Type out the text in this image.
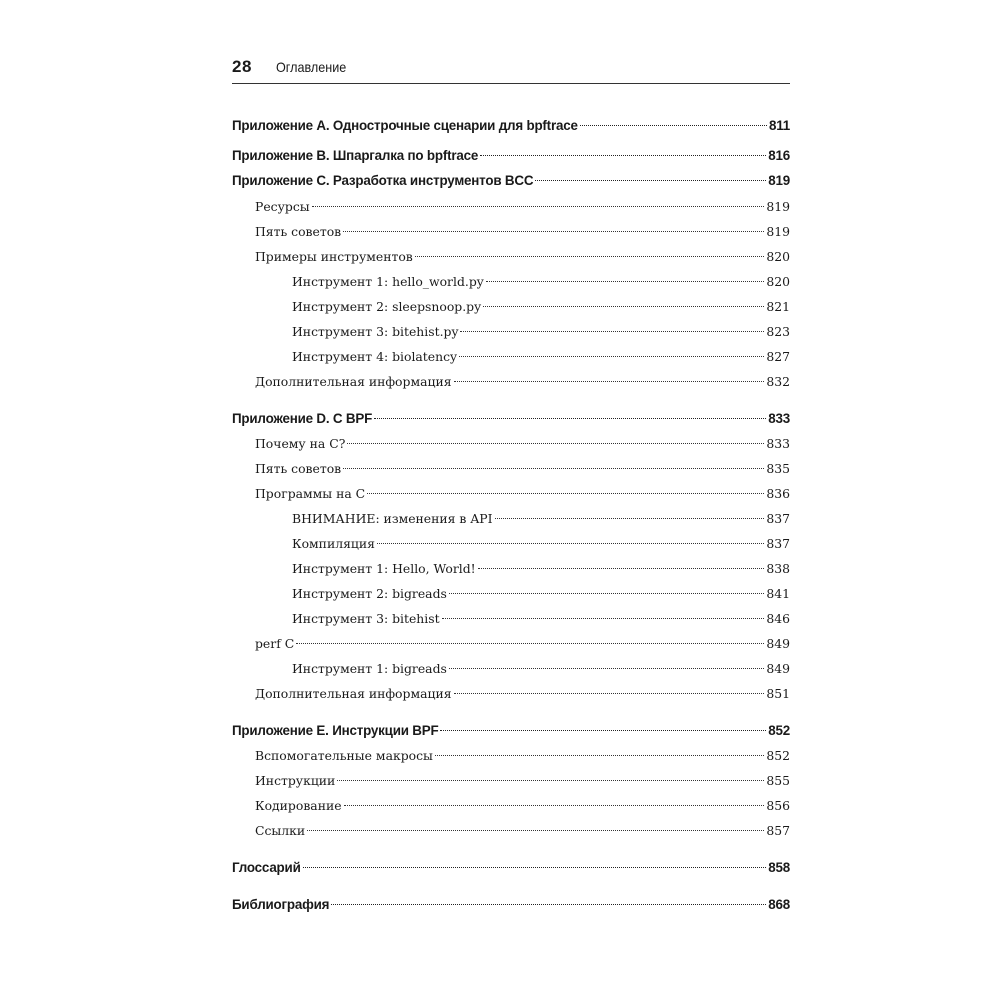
28 Оглавление
Приложение A. Однострочные сценарии для bpftrace	811
Приложение B. Шпаргалка по bpftrace	816
Приложение C. Разработка инструментов BCC	819
Ресурсы	819
Пять советов	819
Примеры инструментов	820
Инструмент 1: hello_world.py	820
Инструмент 2: sleepsnoop.py	821
Инструмент 3: bitehist.py	823
Инструмент 4: biolatency	827
Дополнительная информация	832
Приложение D. C BPF	833
Почему на C?	833
Пять советов	835
Программы на C	836
ВНИМАНИЕ: изменения в API	837
Компиляция	837
Инструмент 1: Hello, World!	838
Инструмент 2: bigreads	841
Инструмент 3: bitehist	846
perf C	849
Инструмент 1: bigreads	849
Дополнительная информация	851
Приложение E. Инструкции BPF	852
Вспомогательные макросы	852
Инструкции	855
Кодирование	856
Ссылки	857
Глоссарий	858
Библиография	868
